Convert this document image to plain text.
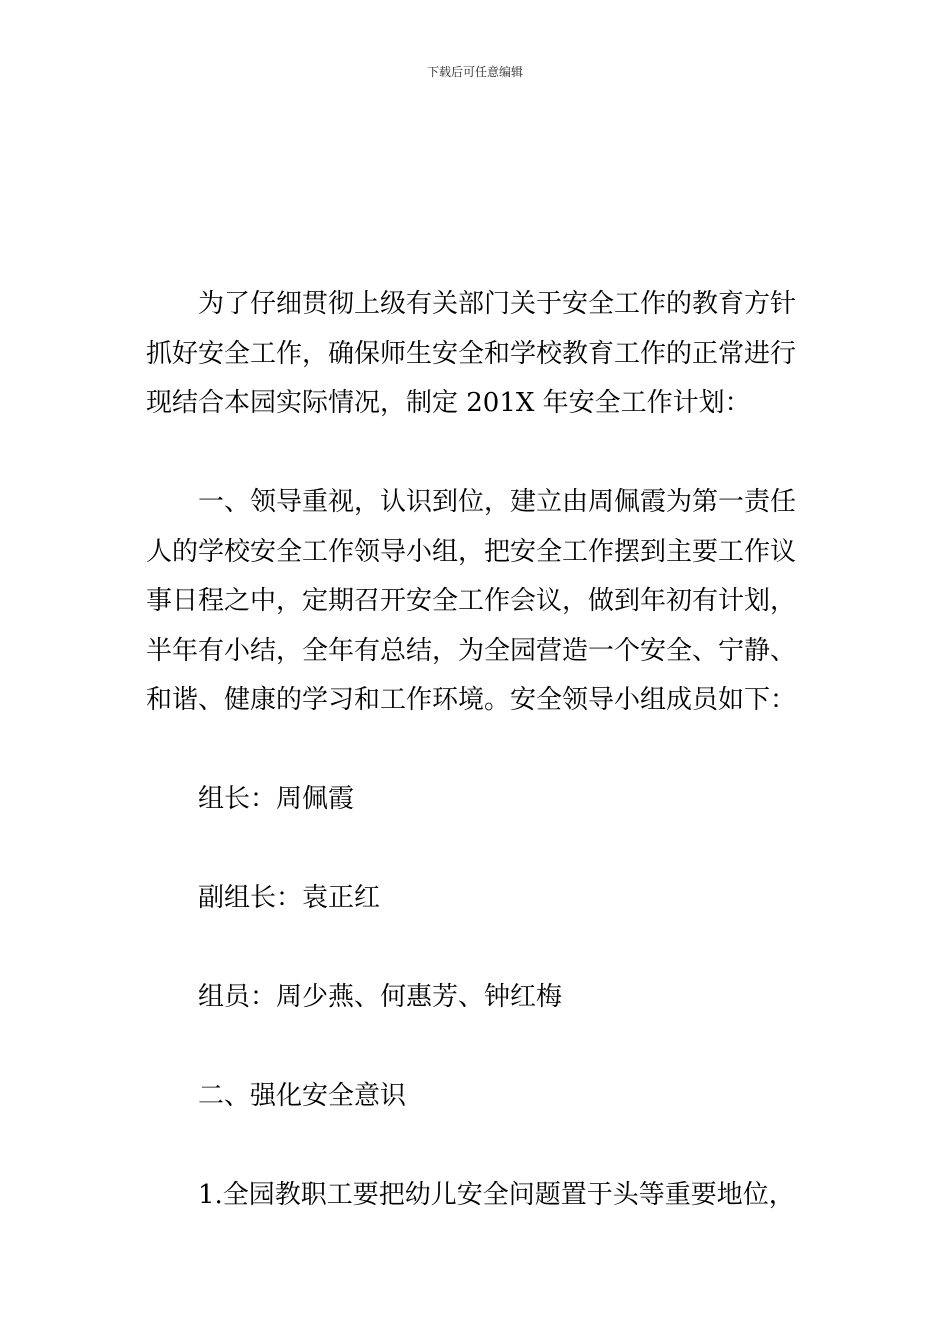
下载后可任意编辑
为了仔细贯彻上级有关部门关于安全工作的教育方针
抓好安全工作，确保师生安全和学校教育工作的正常进行
现结合本园实际情况，制定 201X 年安全工作计划：
一、领导重视，认识到位，建立由周佩霞为第一责任
人的学校安全工作领导小组，把安全工作摆到主要工作议
事日程之中，定期召开安全工作会议，做到年初有计划，
半年有小结，全年有总结，为全园营造一个安全、宁静、
和谐、健康的学习和工作环境。安全领导小组成员如下：
组长：周佩霞
副组长：袁正红
组员：周少燕、何惠芳、钟红梅
二、强化安全意识
1.全园教职工要把幼儿安全问题置于头等重要地位，
